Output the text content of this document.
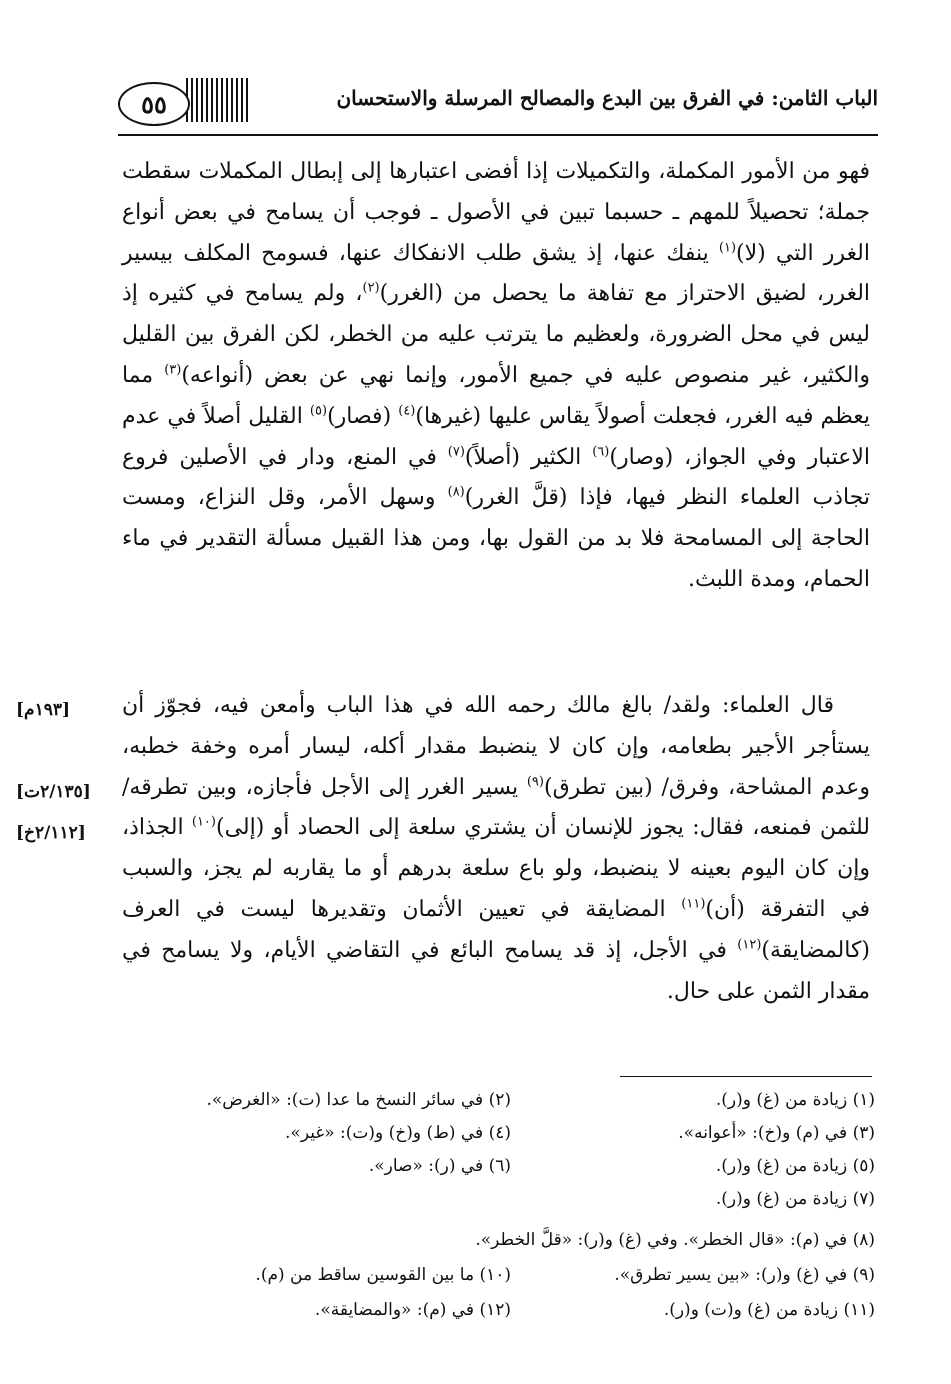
الباب الثامن: في الفرق بين البدع والمصالح المرسلة والاستحسان
٥٥

فهو من الأمور المكملة، والتكميلات إذا أفضى اعتبارها إلى إبطال المكملات سقطت جملة؛ تحصيلاً للمهم ـ حسبما تبين في الأصول ـ فوجب أن يسامح في بعض أنواع الغرر التي (لا)$^{(١)}$ ينفك عنها، إذ يشق طلب الانفكاك عنها، فسومح المكلف بيسير الغرر، لضيق الاحتراز مع تفاهة ما يحصل من (الغرر)$^{(٢)}$، ولم يسامح في كثيره إذ ليس في محل الضرورة، ولعظيم ما يترتب عليه من الخطر، لكن الفرق بين القليل والكثير، غير منصوص عليه في جميع الأمور، وإنما نهي عن بعض (أنواعه)$^{(٣)}$ مما يعظم فيه الغرر، فجعلت أصولاً يقاس عليها (غيرها)$^{(٤)}$ (فصار)$^{(٥)}$ القليل أصلاً في عدم الاعتبار وفي الجواز، (وصار)$^{(٦)}$ الكثير (أصلاً)$^{(٧)}$ في المنع، ودار في الأصلين فروع تجاذب العلماء النظر فيها، فإذا (قلَّ الغرر)$^{(٨)}$ وسهل الأمر، وقل النزاع، ومست الحاجة إلى المسامحة فلا بد من القول بها، ومن هذا القبيل مسألة التقدير في ماء الحمام، ومدة اللبث.

قال العلماء: ولقد/ بالغ مالك رحمه الله في هذا الباب وأمعن فيه، فجوّز أن يستأجر الأجير بطعامه، وإن كان لا ينضبط مقدار أكله، ليسار أمره وخفة خطبه، وعدم المشاحة، وفرق/ (بين تطرق)$^{(٩)}$ يسير الغرر إلى الأجل فأجازه، وبين تطرقه/ للثمن فمنعه، فقال: يجوز للإنسان أن يشتري سلعة إلى الحصاد أو (إلى)$^{(١٠)}$ الجذاذ، وإن كان اليوم بعينه لا ينضبط، ولو باع سلعة بدرهم أو ما يقاربه لم يجز، والسبب في التفرقة (أن)$^{(١١)}$ المضايقة في تعيين الأثمان وتقديرها ليست في العرف (كالمضايقة)$^{(١٢)}$ في الأجل، إذ قد يسامح البائع في التقاضي الأيام، ولا يسامح في مقدار الثمن على حال.

[١٩٣م]
[٢/١٣٥ت]
[٢/١١٢خ]
(١) زيادة من (غ) و(ر).
(٢) في سائر النسخ ما عدا (ت): «الغرض».
(٣) في (م) و(خ): «أعوانه».
(٤) في (ط) و(خ) و(ت): «غير».
(٥) زيادة من (غ) و(ر).
(٦) في (ر): «صار».
(٧) زيادة من (غ) و(ر).
(٨) في (م): «قال الخطر». وفي (غ) و(ر): «قلَّ الخطر».
(٩) في (غ) و(ر): «بين يسير تطرق».
(١٠) ما بين القوسين ساقط من (م).
(١١) زيادة من (غ) و(ت) و(ر).
(١٢) في (م): «والمضايقة».
